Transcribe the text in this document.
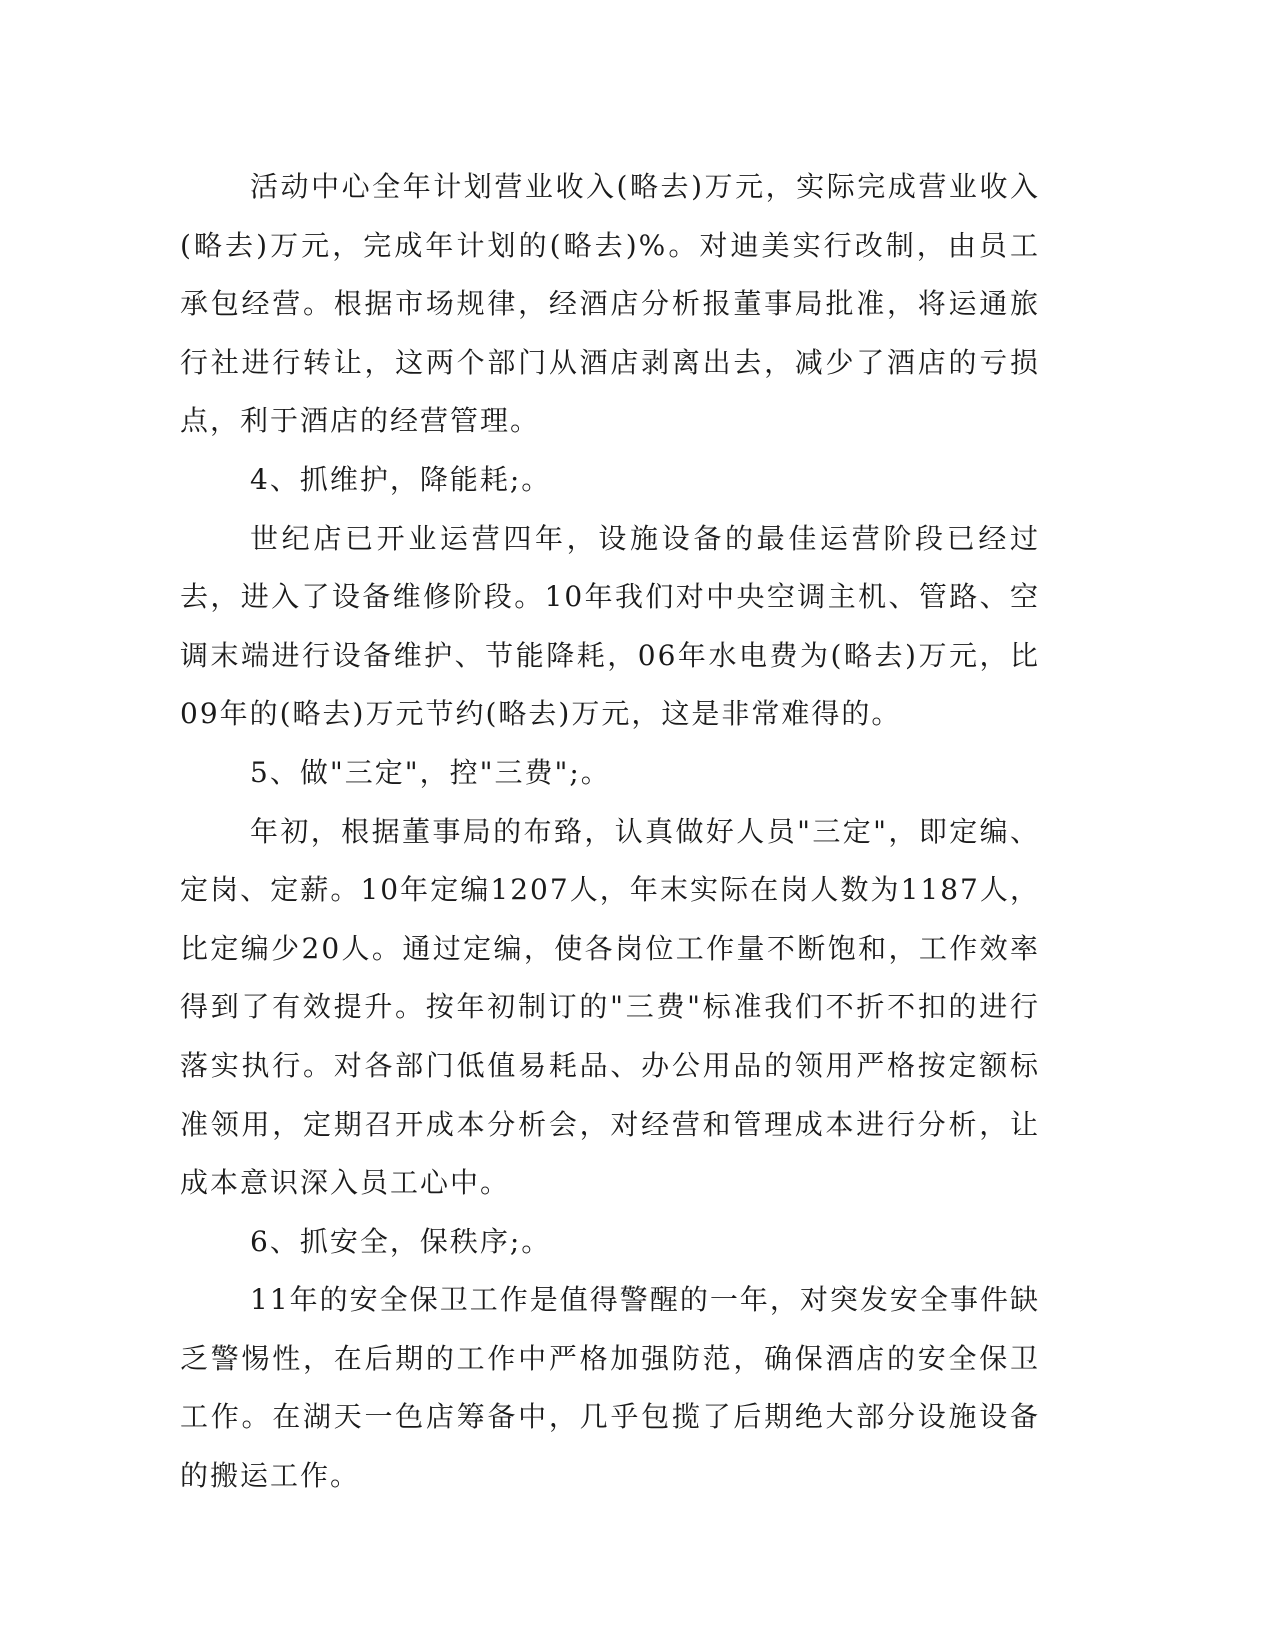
活动中心全年计划营业收入(略去)万元，实际完成营业收入(略去)万元，完成年计划的(略去)%。对迪美实行改制，由员工承包经营。根据市场规律，经酒店分析报董事局批准，将运通旅行社进行转让，这两个部门从酒店剥离出去，减少了酒店的亏损点，利于酒店的经营管理。

4、抓维护，降能耗;。

世纪店已开业运营四年，设施设备的最佳运营阶段已经过去，进入了设备维修阶段。10年我们对中央空调主机、管路、空调末端进行设备维护、节能降耗，06年水电费为(略去)万元，比09年的(略去)万元节约(略去)万元，这是非常难得的。

5、做"三定"，控"三费";。

年初，根据董事局的布臵，认真做好人员"三定"，即定编、定岗、定薪。10年定编1207人，年末实际在岗人数为1187人，比定编少20人。通过定编，使各岗位工作量不断饱和，工作效率得到了有效提升。按年初制订的"三费"标准我们不折不扣的进行落实执行。对各部门低值易耗品、办公用品的领用严格按定额标准领用，定期召开成本分析会，对经营和管理成本进行分析，让成本意识深入员工心中。

6、抓安全，保秩序;。

11年的安全保卫工作是值得警醒的一年，对突发安全事件缺乏警惕性，在后期的工作中严格加强防范，确保酒店的安全保卫工作。在湖天一色店筹备中，几乎包揽了后期绝大部分设施设备的搬运工作。
